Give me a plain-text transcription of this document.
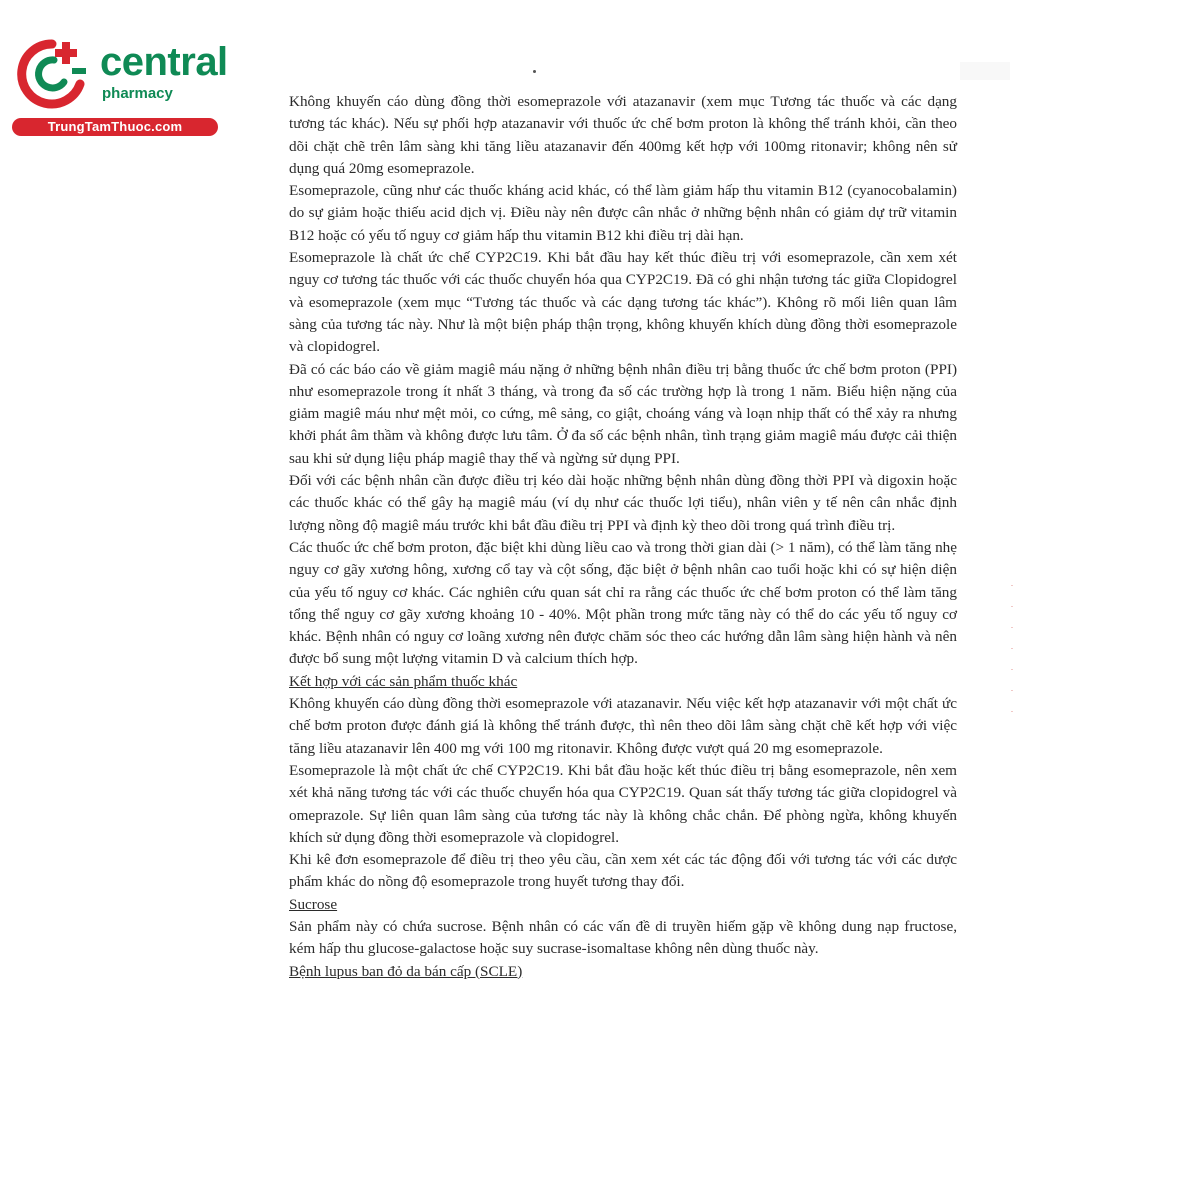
central
pharmacy
TrungTamThuoc.com

Không khuyến cáo dùng đồng thời esomeprazole với atazanavir (xem mục Tương tác thuốc và các dạng tương tác khác). Nếu sự phối hợp atazanavir với thuốc ức chế bơm proton là không thể tránh khỏi, cần theo dõi chặt chẽ trên lâm sàng khi tăng liều atazanavir đến 400mg kết hợp với 100mg ritonavir; không nên sử dụng quá 20mg esomeprazole.

Esomeprazole, cũng như các thuốc kháng acid khác, có thể làm giảm hấp thu vitamin B12 (cyanocobalamin) do sự giảm hoặc thiếu acid dịch vị. Điều này nên được cân nhắc ở những bệnh nhân có giảm dự trữ vitamin B12 hoặc có yếu tố nguy cơ giảm hấp thu vitamin B12 khi điều trị dài hạn.

Esomeprazole là chất ức chế CYP2C19. Khi bắt đầu hay kết thúc điều trị với esomeprazole, cần xem xét nguy cơ tương tác thuốc với các thuốc chuyển hóa qua CYP2C19. Đã có ghi nhận tương tác giữa Clopidogrel và esomeprazole (xem mục “Tương tác thuốc và các dạng tương tác khác”). Không rõ mối liên quan lâm sàng của tương tác này. Như là một biện pháp thận trọng, không khuyến khích dùng đồng thời esomeprazole và clopidogrel.

Đã có các báo cáo về giảm magiê máu nặng ở những bệnh nhân điều trị bằng thuốc ức chế bơm proton (PPI) như esomeprazole trong ít nhất 3 tháng, và trong đa số các trường hợp là trong 1 năm. Biểu hiện nặng của giảm magiê máu như mệt mỏi, co cứng, mê sảng, co giật, choáng váng và loạn nhịp thất có thể xảy ra nhưng khởi phát âm thầm và không được lưu tâm. Ở đa số các bệnh nhân, tình trạng giảm magiê máu được cải thiện sau khi sử dụng liệu pháp magiê thay thế và ngừng sử dụng PPI.

Đối với các bệnh nhân cần được điều trị kéo dài hoặc những bệnh nhân dùng đồng thời PPI và digoxin hoặc các thuốc khác có thể gây hạ magiê máu (ví dụ như các thuốc lợi tiểu), nhân viên y tế nên cân nhắc định lượng nồng độ magiê máu trước khi bắt đầu điều trị PPI và định kỳ theo dõi trong quá trình điều trị.

Các thuốc ức chế bơm proton, đặc biệt khi dùng liều cao và trong thời gian dài (> 1 năm), có thể làm tăng nhẹ nguy cơ gãy xương hông, xương cổ tay và cột sống, đặc biệt ở bệnh nhân cao tuổi hoặc khi có sự hiện diện của yếu tố nguy cơ khác. Các nghiên cứu quan sát chỉ ra rằng các thuốc ức chế bơm proton có thể làm tăng tổng thể nguy cơ gãy xương khoảng 10 - 40%. Một phần trong mức tăng này có thể do các yếu tố nguy cơ khác. Bệnh nhân có nguy cơ loãng xương nên được chăm sóc theo các hướng dẫn lâm sàng hiện hành và nên được bổ sung một lượng vitamin D và calcium thích hợp.

Kết hợp với các sản phẩm thuốc khác

Không khuyến cáo dùng đồng thời esomeprazole với atazanavir. Nếu việc kết hợp atazanavir với một chất ức chế bơm proton được đánh giá là không thể tránh được, thì nên theo dõi lâm sàng chặt chẽ kết hợp với việc tăng liều atazanavir lên 400 mg với 100 mg ritonavir. Không được vượt quá 20 mg esomeprazole.

Esomeprazole là một chất ức chế CYP2C19. Khi bắt đầu hoặc kết thúc điều trị bằng esomeprazole, nên xem xét khả năng tương tác với các thuốc chuyển hóa qua CYP2C19. Quan sát thấy tương tác giữa clopidogrel và omeprazole. Sự liên quan lâm sàng của tương tác này là không chắc chắn. Để phòng ngừa, không khuyến khích sử dụng đồng thời esomeprazole và clopidogrel.

Khi kê đơn esomeprazole để điều trị theo yêu cầu, cần xem xét các tác động đối với tương tác với các dược phẩm khác do nồng độ esomeprazole trong huyết tương thay đổi.

Sucrose

Sản phẩm này có chứa sucrose. Bệnh nhân có các vấn đề di truyền hiếm gặp về không dung nạp fructose, kém hấp thu glucose-galactose hoặc suy sucrase-isomaltase không nên dùng thuốc này.

Bệnh lupus ban đỏ da bán cấp (SCLE)

·
·
·
·
·
·
·
